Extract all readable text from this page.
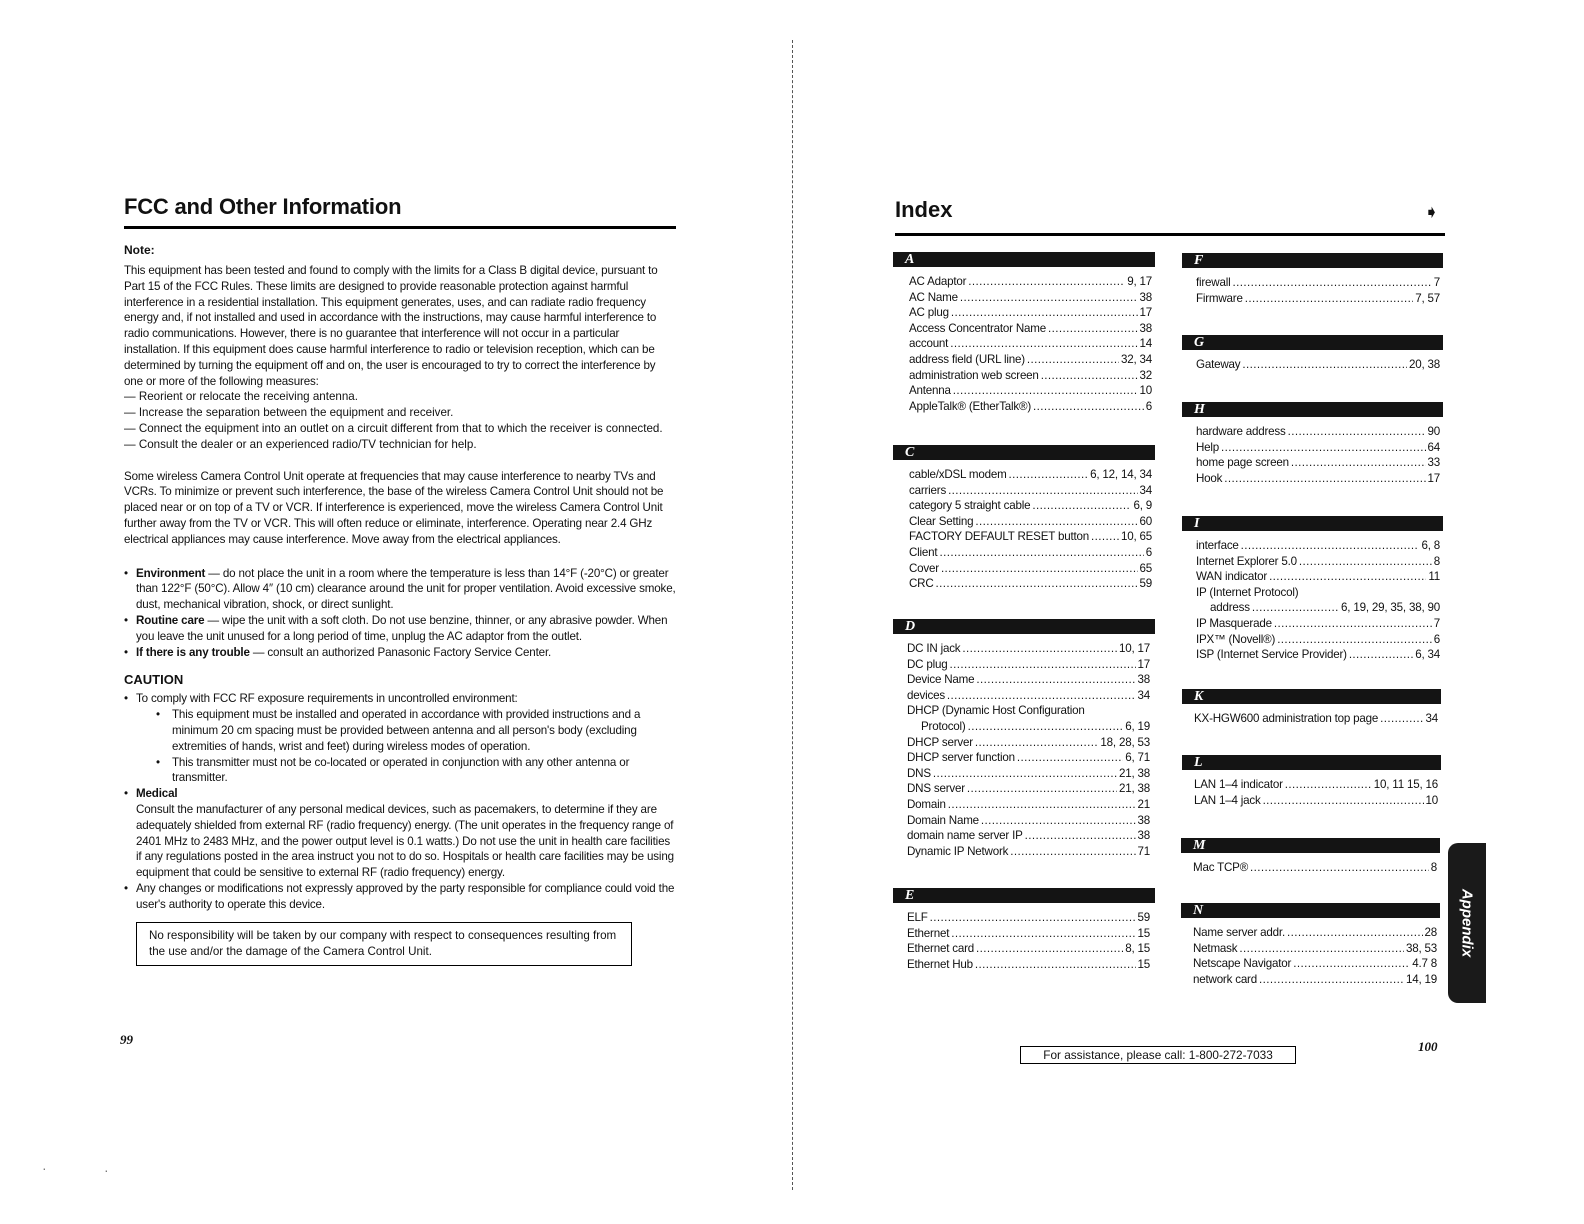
·	·
FCC and Other Information
Note:

This equipment has been tested and found to comply with the limits for a Class B digital device, pursuant to Part 15 of the FCC Rules. These limits are designed to provide reasonable protection against harmful interference in a residential installation. This equipment generates, uses, and can radiate radio frequency energy and, if not installed and used in accordance with the instructions, may cause harmful interference to radio communications. However, there is no guarantee that interference will not occur in a particular installation. If this equipment does cause harmful interference to radio or television reception, which can be determined by turning the equipment off and on, the user is encouraged to try to correct the interference by one or more of the following measures:

— Reorient or relocate the receiving antenna.
— Increase the separation between the equipment and receiver.
— Connect the equipment into an outlet on a circuit different from that to which the receiver is connected.
— Consult the dealer or an experienced radio/TV technician for help.

Some wireless Camera Control Unit operate at frequencies that may cause interference to nearby TVs and VCRs. To minimize or prevent such interference, the base of the wireless Camera Control Unit should not be placed near or on top of a TV or VCR. If interference is experienced, move the wireless Camera Control Unit further away from the TV or VCR. This will often reduce or eliminate, interference. Operating near 2.4 GHz electrical appliances may cause interference. Move away from the electrical appliances.

• Environment — do not place the unit in a room where the temperature is less than 14°F (-20°C) or greater than 122°F (50°C). Allow 4″ (10 cm) clearance around the unit for proper ventilation. Avoid excessive smoke, dust, mechanical vibration, shock, or direct sunlight.
• Routine care — wipe the unit with a soft cloth. Do not use benzine, thinner, or any abrasive powder. When you leave the unit unused for a long period of time, unplug the AC adaptor from the outlet.
• If there is any trouble — consult an authorized Panasonic Factory Service Center.
CAUTION
• To comply with FCC RF exposure requirements in uncontrolled environment:
• This equipment must be installed and operated in accordance with provided instructions and a minimum 20 cm spacing must be provided between antenna and all person's body (excluding extremities of hands, wrist and feet) during wireless modes of operation.
• This transmitter must not be co-located or operated in conjunction with any other antenna or transmitter.
• Medical
Consult the manufacturer of any personal medical devices, such as pacemakers, to determine if they are adequately shielded from external RF (radio frequency) energy. (The unit operates in the frequency range of 2401 MHz to 2483 MHz, and the power output level is 0.1 watts.) Do not use the unit in health care facilities if any regulations posted in the area instruct you not to do so. Hospitals or health care facilities may be using equipment that could be sensitive to external RF (radio frequency) energy.
• Any changes or modifications not expressly approved by the party responsible for compliance could void the user's authority to operate this device.
No responsibility will be taken by our company with respect to consequences resulting from the use and/or the damage of the Camera Control Unit.
99
Index	➧
A
AC Adaptor .....	9, 17
AC Name .....	38
AC plug .....	17
Access Concentrator Name .....	38
account .....	14
address field (URL line) .....	32, 34
administration web screen .....	32
Antenna .....	10
AppleTalk® (EtherTalk®) .....	6
C
cable/xDSL modem .....	6, 12, 14, 34
carriers .....	34
category 5 straight cable .....	6, 9
Clear Setting .....	60
FACTORY DEFAULT RESET button .....	10, 65
Client .....	6
Cover .....	65
CRC .....	59
D
DC IN jack .....	10, 17
DC plug .....	17
Device Name .....	38
devices .....	34
DHCP (Dynamic Host Configuration
Protocol) .....	6, 19
DHCP server .....	18, 28, 53
DHCP server function .....	6, 71
DNS .....	21, 38
DNS server .....	21, 38
Domain .....	21
Domain Name .....	38
domain name server IP .....	38
Dynamic IP Network .....	71
E
ELF .....	59
Ethernet .....	15
Ethernet card .....	8, 15
Ethernet Hub .....	15
F
firewall .....	7
Firmware .....	7, 57
G
Gateway .....	20, 38
H
hardware address .....	90
Help .....	64
home page screen .....	33
Hook .....	17
I
interface .....	6, 8
Internet Explorer 5.0 .....	8
WAN indicator .....	11
IP (Internet Protocol)
address .....	6, 19, 29, 35, 38, 90
IP Masquerade .....	7
IPX™ (Novell®) .....	6
ISP (Internet Service Provider) .....	6, 34
K
KX-HGW600 administration top page .....	34
L
LAN 1–4 indicator .....	10, 11 15, 16
LAN 1–4 jack .....	10
M
Mac TCP® .....	8
N
Name server addr. .....	28
Netmask .....	38, 53
Netscape Navigator .....	4.7 8
network card .....	14, 19
Appendix
For assistance, please call: 1-800-272-7033
100
